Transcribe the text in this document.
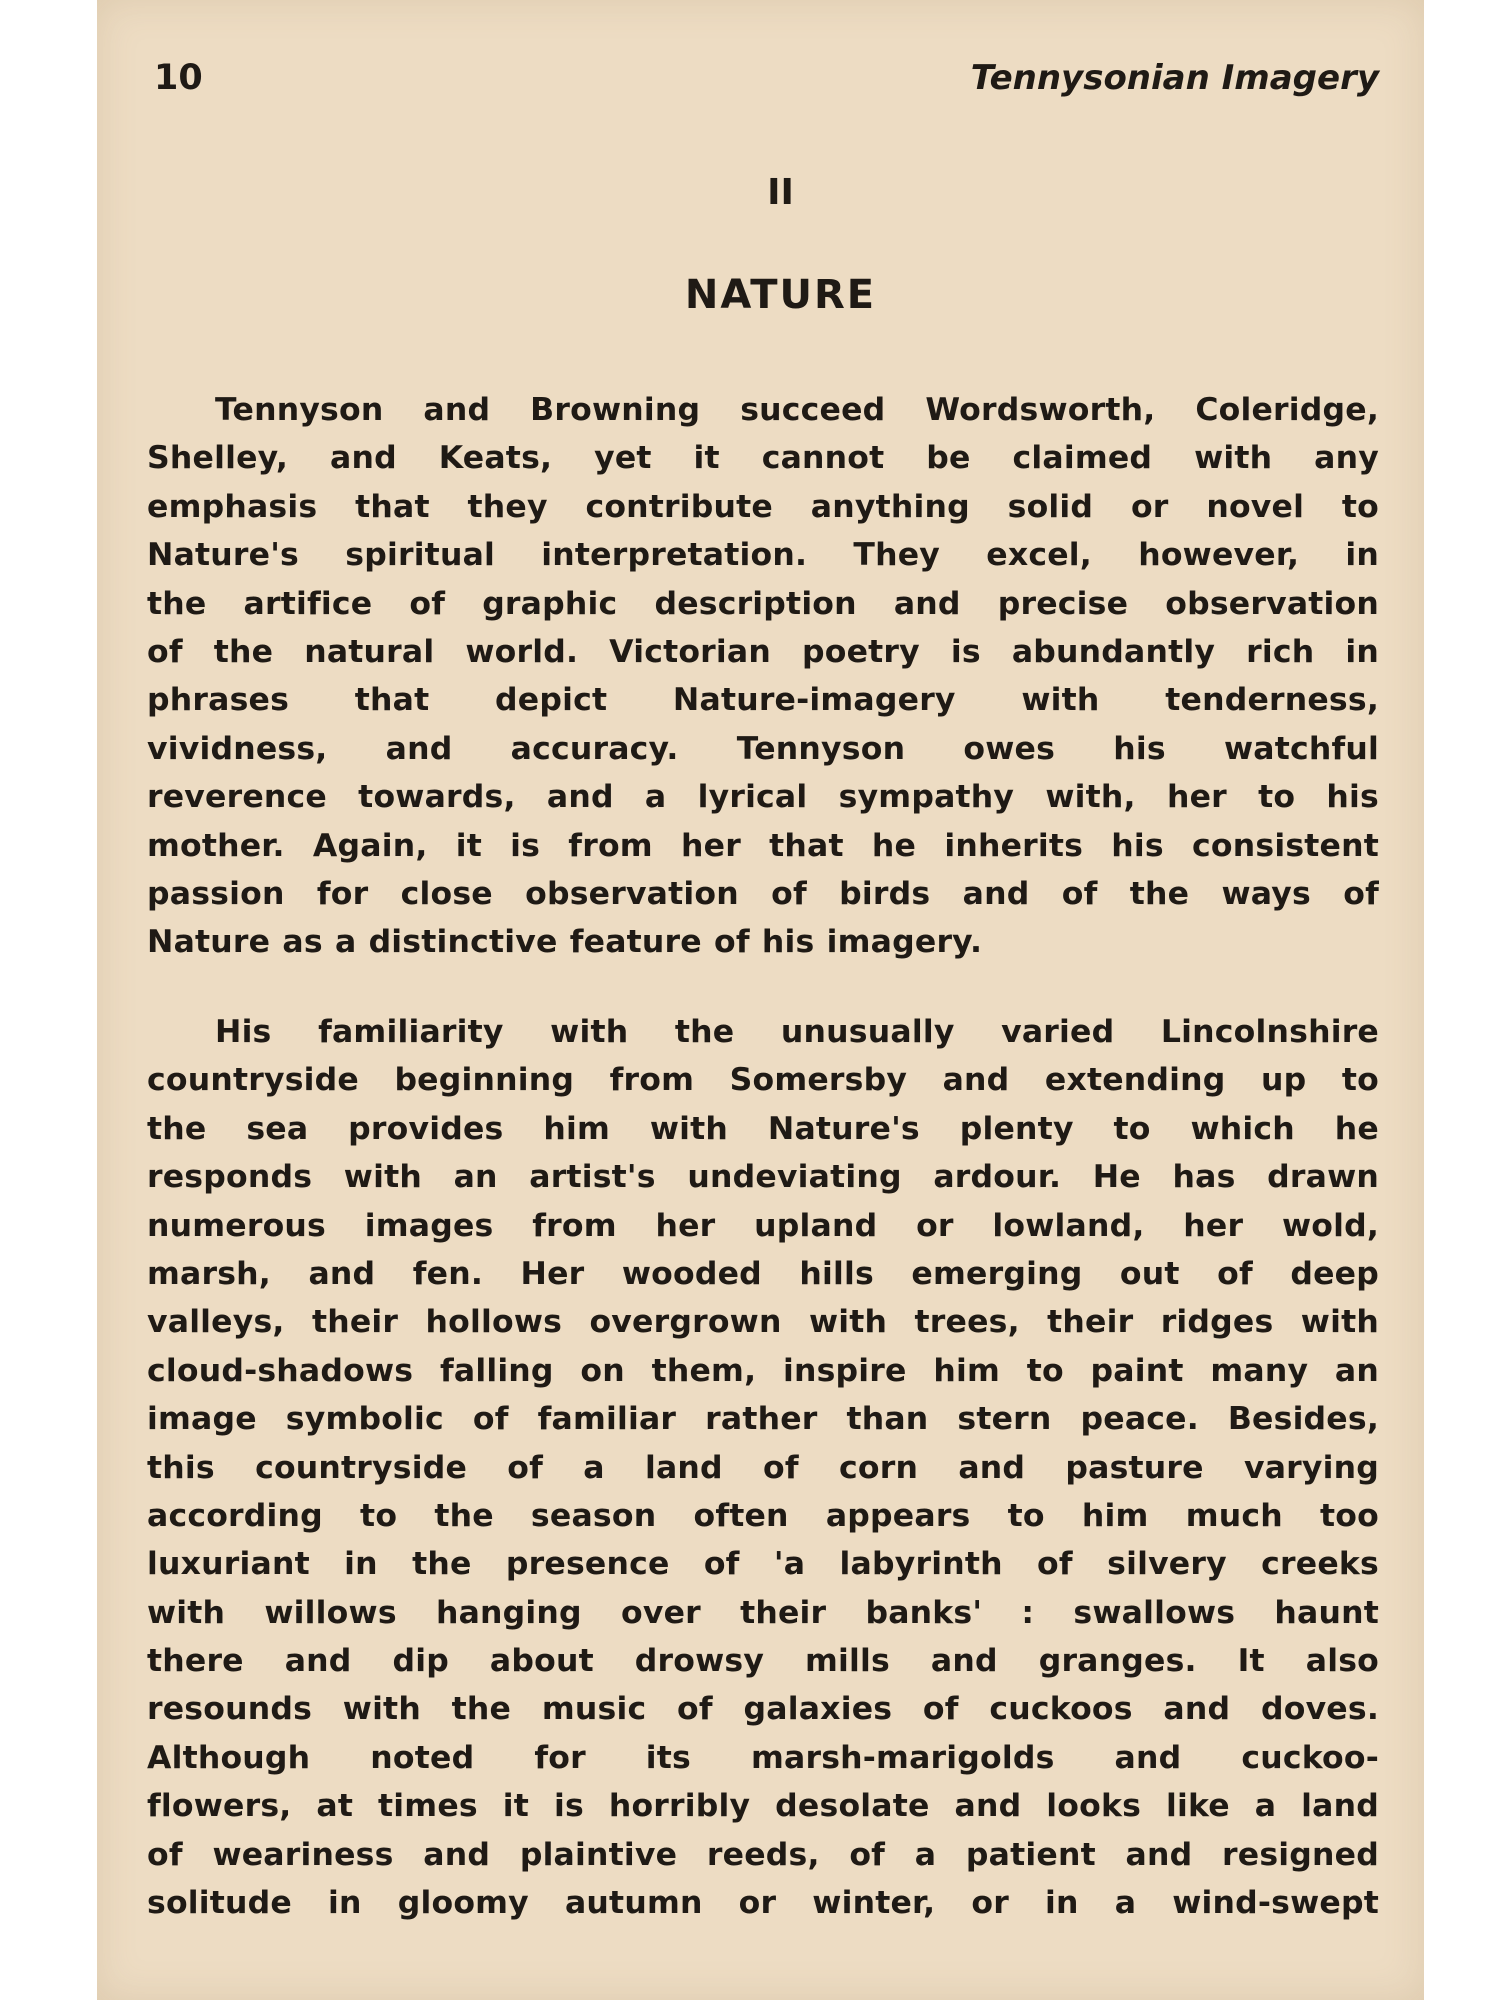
10	Tennysonian Imagery
II
NATURE

Tennyson and Browning succeed Wordsworth, Coleridge,
Shelley, and Keats, yet it cannot be claimed with any
emphasis that they contribute anything solid or novel to
Nature's spiritual interpretation. They excel, however, in
the artifice of graphic description and precise observation
of the natural world. Victorian poetry is abundantly rich in
phrases that depict Nature-imagery with tenderness,
vividness, and accuracy. Tennyson owes his watchful
reverence towards, and a lyrical sympathy with, her to his
mother. Again, it is from her that he inherits his consistent
passion for close observation of birds and of the ways of
Nature as a distinctive feature of his imagery.

His familiarity with the unusually varied Lincolnshire
countryside beginning from Somersby and extending up to
the sea provides him with Nature's plenty to which he
responds with an artist's undeviating ardour. He has drawn
numerous images from her upland or lowland, her wold,
marsh, and fen. Her wooded hills emerging out of deep
valleys, their hollows overgrown with trees, their ridges with
cloud-shadows falling on them, inspire him to paint many an
image symbolic of familiar rather than stern peace. Besides,
this countryside of a land of corn and pasture varying
according to the season often appears to him much too
luxuriant in the presence of 'a labyrinth of silvery creeks
with willows hanging over their banks' : swallows haunt
there and dip about drowsy mills and granges. It also
resounds with the music of galaxies of cuckoos and doves.
Although noted for its marsh-marigolds and cuckoo-
flowers, at times it is horribly desolate and looks like a land
of weariness and plaintive reeds, of a patient and resigned
solitude in gloomy autumn or winter, or in a wind-swept
